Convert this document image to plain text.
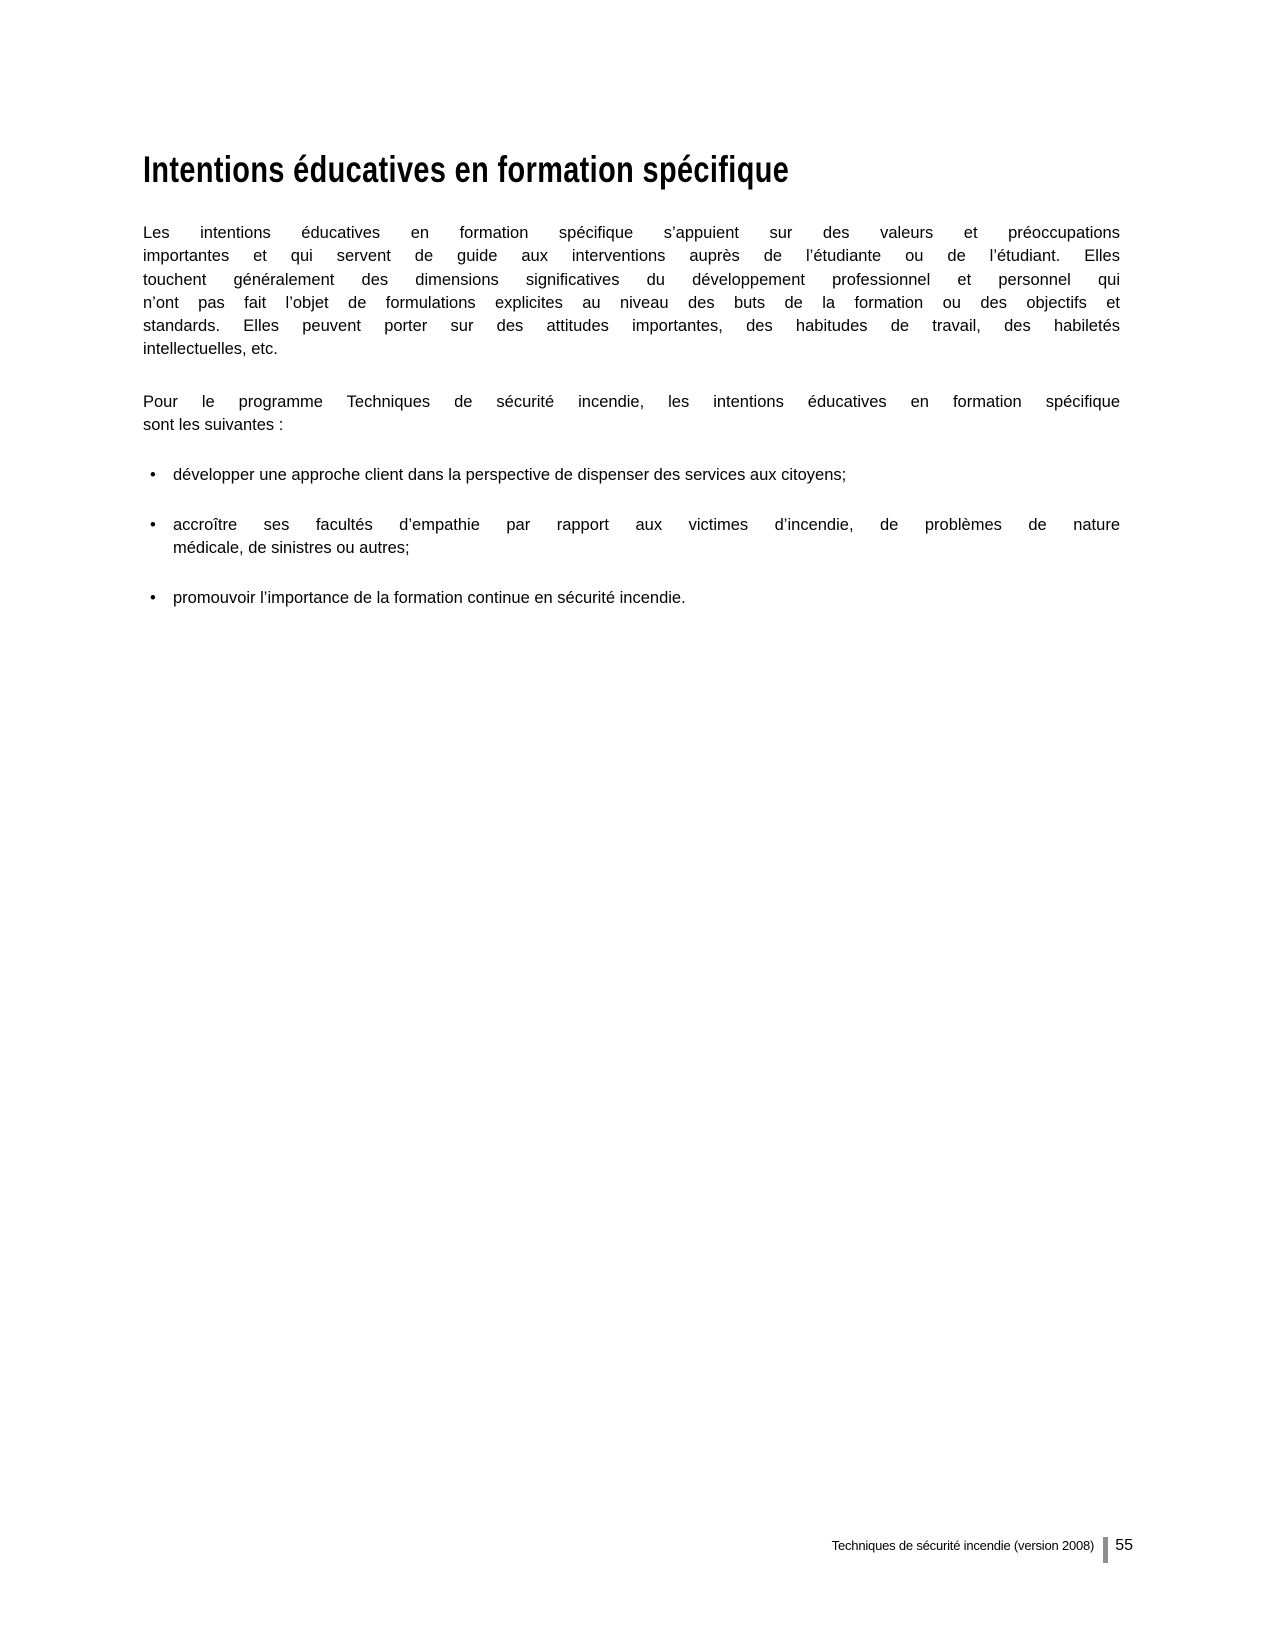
Intentions éducatives en formation spécifique
Les intentions éducatives en formation spécifique s’appuient sur des valeurs et préoccupations
importantes et qui servent de guide aux interventions auprès de l’étudiante ou de l’étudiant. Elles
touchent généralement des dimensions significatives du développement professionnel et personnel qui
n’ont pas fait l’objet de formulations explicites au niveau des buts de la formation ou des objectifs et
standards. Elles peuvent porter sur des attitudes importantes, des habitudes de travail, des habiletés
intellectuelles, etc.
Pour le programme Techniques de sécurité incendie, les intentions éducatives en formation spécifique
sont les suivantes :
• développer une approche client dans la perspective de dispenser des services aux citoyens;
• accroître ses facultés d’empathie par rapport aux victimes d’incendie, de problèmes de nature
médicale, de sinistres ou autres;
• promouvoir l’importance de la formation continue en sécurité incendie.
Techniques de sécurité incendie (version 2008) 55
